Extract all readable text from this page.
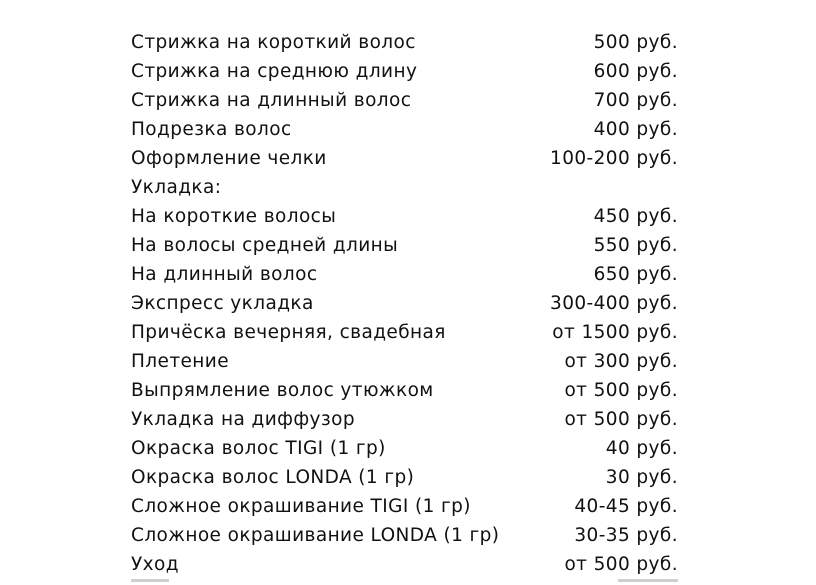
Стрижка на короткий волос	500 руб.
Стрижка на среднюю длину	600 руб.
Стрижка на длинный волос	700 руб.
Подрезка волос	400 руб.
Оформление челки	100-200 руб.
Укладка:
На короткие волосы	450 руб.
На волосы средней длины	550 руб.
На длинный волос	650 руб.
Экспресс укладка	300-400 руб.
Причёска вечерняя, свадебная	от 1500 руб.
Плетение	от 300 руб.
Выпрямление волос утюжком	от 500 руб.
Укладка на диффузор	от 500 руб.
Окраска волос TIGI (1 гр)	40 руб.
Окраска волос LONDA (1 гр)	30 руб.
Сложное окрашивание TIGI (1 гр)	40-45 руб.
Сложное окрашивание LONDA (1 гр)	30-35 руб.
Уход	от 500 руб.
